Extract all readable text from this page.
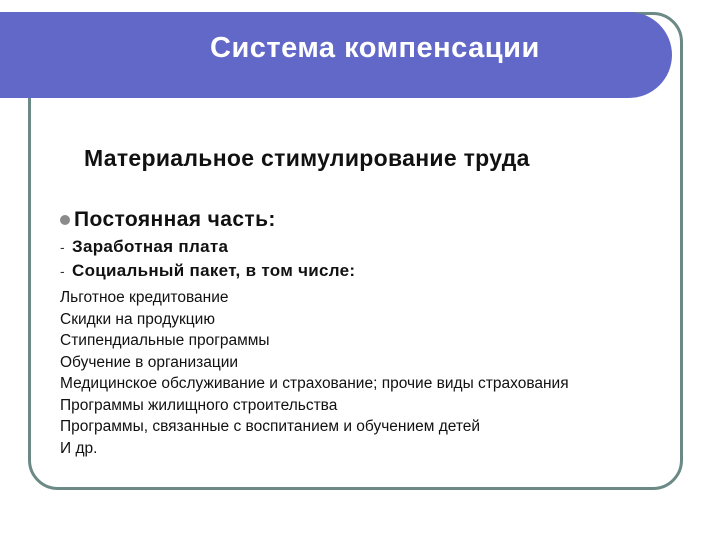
Система компенсации
Материальное стимулирование труда
Постоянная часть:
- Заработная плата
- Социальный пакет, в том числе:
Льготное кредитование
Скидки на продукцию
Стипендиальные программы
Обучение в организации
Медицинское обслуживание и страхование; прочие виды страхования
Программы жилищного строительства
Программы, связанные с воспитанием и обучением детей
И др.
